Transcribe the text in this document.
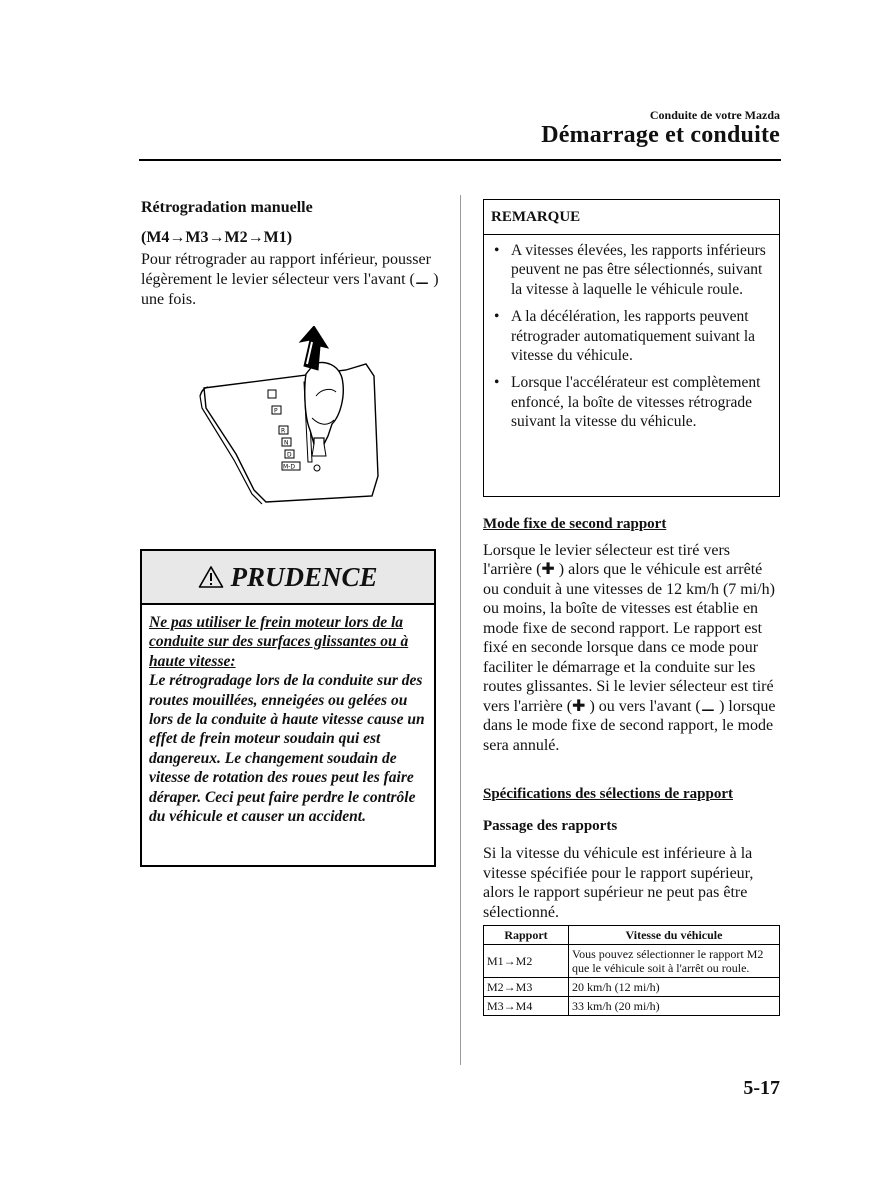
Conduite de votre Mazda
Démarrage et conduite
Rétrogradation manuelle
(M4→M3→M2→M1)
Pour rétrograder au rapport inférieur, pousser légèrement le levier sélecteur vers l'avant (⚊ ) une fois.
P
R
N
D
M-D
PRUDENCE
Ne pas utiliser le frein moteur lors de la conduite sur des surfaces glissantes ou à haute vitesse:
Le rétrogradage lors de la conduite sur des routes mouillées, enneigées ou gelées ou lors de la conduite à haute vitesse cause un effet de frein moteur soudain qui est dangereux. Le changement soudain de vitesse de rotation des roues peut les faire déraper. Ceci peut faire perdre le contrôle du véhicule et causer un accident.
REMARQUE
• A vitesses élevées, les rapports inférieurs peuvent ne pas être sélectionnés, suivant la vitesse à laquelle le véhicule roule.
• A la décélération, les rapports peuvent rétrograder automatiquement suivant la vitesse du véhicule.
• Lorsque l'accélérateur est complètement enfoncé, la boîte de vitesses rétrograde suivant la vitesse du véhicule.
Mode fixe de second rapport
Lorsque le levier sélecteur est tiré vers l'arrière (✚ ) alors que le véhicule est arrêté ou conduit à une vitesses de 12 km/h (7 mi/h) ou moins, la boîte de vitesses est établie en mode fixe de second rapport. Le rapport est fixé en seconde lorsque dans ce mode pour faciliter le démarrage et la conduite sur les routes glissantes. Si le levier sélecteur est tiré vers l'arrière (✚ ) ou vers l'avant (⚊ ) lorsque dans le mode fixe de second rapport, le mode sera annulé.
Spécifications des sélections de rapport
Passage des rapports
Si la vitesse du véhicule est inférieure à la vitesse spécifiée pour le rapport supérieur, alors le rapport supérieur ne peut pas être sélectionné.
Rapport	Vitesse du véhicule
M1→M2	Vous pouvez sélectionner le rapport M2 que le véhicule soit à l'arrêt ou roule.
M2→M3	20 km/h (12 mi/h)
M3→M4	33 km/h (20 mi/h)
5-17
